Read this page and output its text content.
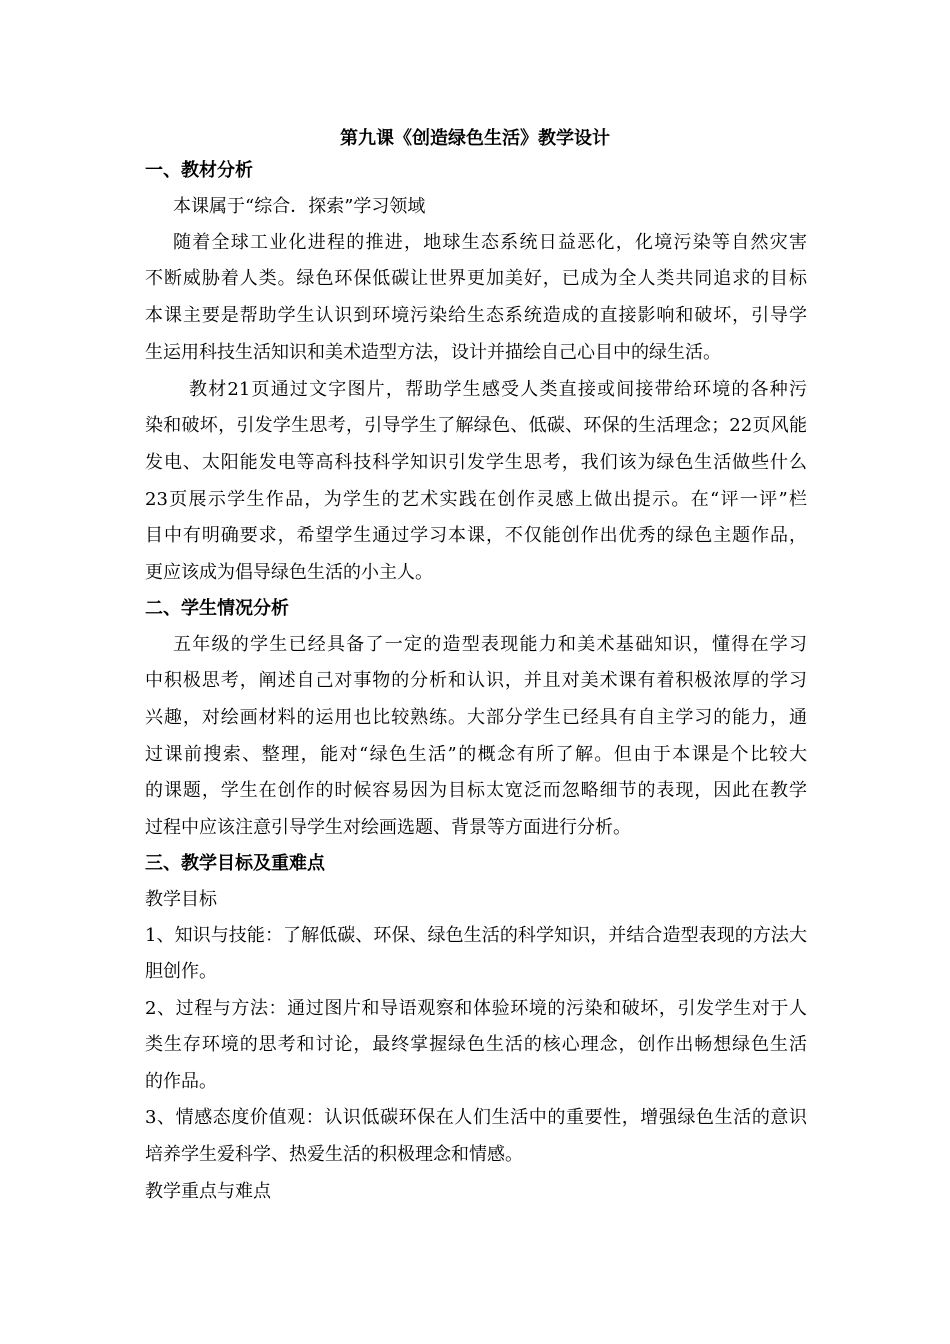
第九课《创造绿色生活》教学设计
一、教材分析
本课属于“综合．探索”学习领域
随着全球工业化进程的推进，地球生态系统日益恶化，化境污染等自然灾害
不断威胁着人类。绿色环保低碳让世界更加美好，已成为全人类共同追求的目标
本课主要是帮助学生认识到环境污染给生态系统造成的直接影响和破坏，引导学
生运用科技生活知识和美术造型方法，设计并描绘自己心目中的绿生活。
教材21页通过文字图片，帮助学生感受人类直接或间接带给环境的各种污
染和破坏，引发学生思考，引导学生了解绿色、低碳、环保的生活理念；22页风能
发电、太阳能发电等高科技科学知识引发学生思考，我们该为绿色生活做些什么
23页展示学生作品，为学生的艺术实践在创作灵感上做出提示。在“评一评”栏
目中有明确要求，希望学生通过学习本课，不仅能创作出优秀的绿色主题作品，
更应该成为倡导绿色生活的小主人。
二、学生情况分析
五年级的学生已经具备了一定的造型表现能力和美术基础知识，懂得在学习
中积极思考，阐述自己对事物的分析和认识，并且对美术课有着积极浓厚的学习
兴趣，对绘画材料的运用也比较熟练。大部分学生已经具有自主学习的能力，通
过课前搜索、整理，能对“绿色生活”的概念有所了解。但由于本课是个比较大
的课题，学生在创作的时候容易因为目标太宽泛而忽略细节的表现，因此在教学
过程中应该注意引导学生对绘画选题、背景等方面进行分析。
三、教学目标及重难点
教学目标
1、知识与技能：了解低碳、环保、绿色生活的科学知识，并结合造型表现的方法大
胆创作。
2、过程与方法：通过图片和导语观察和体验环境的污染和破坏，引发学生对于人
类生存环境的思考和讨论，最终掌握绿色生活的核心理念，创作出畅想绿色生活
的作品。
3、情感态度价值观：认识低碳环保在人们生活中的重要性，增强绿色生活的意识
培养学生爱科学、热爱生活的积极理念和情感。
教学重点与难点
